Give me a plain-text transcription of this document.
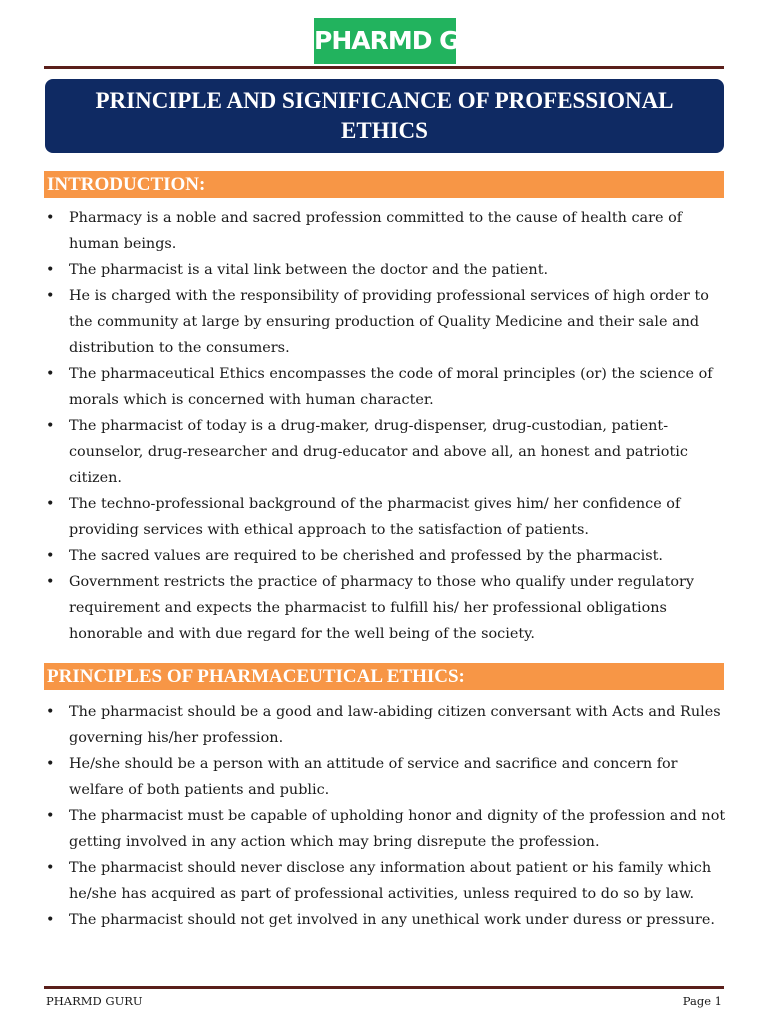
PHARMD GURU
PRINCIPLE AND SIGNIFICANCE OF PROFESSIONAL ETHICS
INTRODUCTION:
• Pharmacy is a noble and sacred profession committed to the cause of health care of human beings.
• The pharmacist is a vital link between the doctor and the patient.
• He is charged with the responsibility of providing professional services of high order to the community at large by ensuring production of Quality Medicine and their sale and distribution to the consumers.
• The pharmaceutical Ethics encompasses the code of moral principles (or) the science of morals which is concerned with human character.
• The pharmacist of today is a drug-maker, drug-dispenser, drug-custodian, patient-counselor, drug-researcher and drug-educator and above all, an honest and patriotic citizen.
• The techno-professional background of the pharmacist gives him/ her confidence of providing services with ethical approach to the satisfaction of patients.
• The sacred values are required to be cherished and professed by the pharmacist.
• Government restricts the practice of pharmacy to those who qualify under regulatory requirement and expects the pharmacist to fulfill his/ her professional obligations honorable and with due regard for the well being of the society.
PRINCIPLES OF PHARMACEUTICAL ETHICS:
• The pharmacist should be a good and law-abiding citizen conversant with Acts and Rules governing his/her profession.
• He/she should be a person with an attitude of service and sacrifice and concern for welfare of both patients and public.
• The pharmacist must be capable of upholding honor and dignity of the profession and not getting involved in any action which may bring disrepute the profession.
• The pharmacist should never disclose any information about patient or his family which he/she has acquired as part of professional activities, unless required to do so by law.
• The pharmacist should not get involved in any unethical work under duress or pressure.
PHARMD GURU	Page 1
